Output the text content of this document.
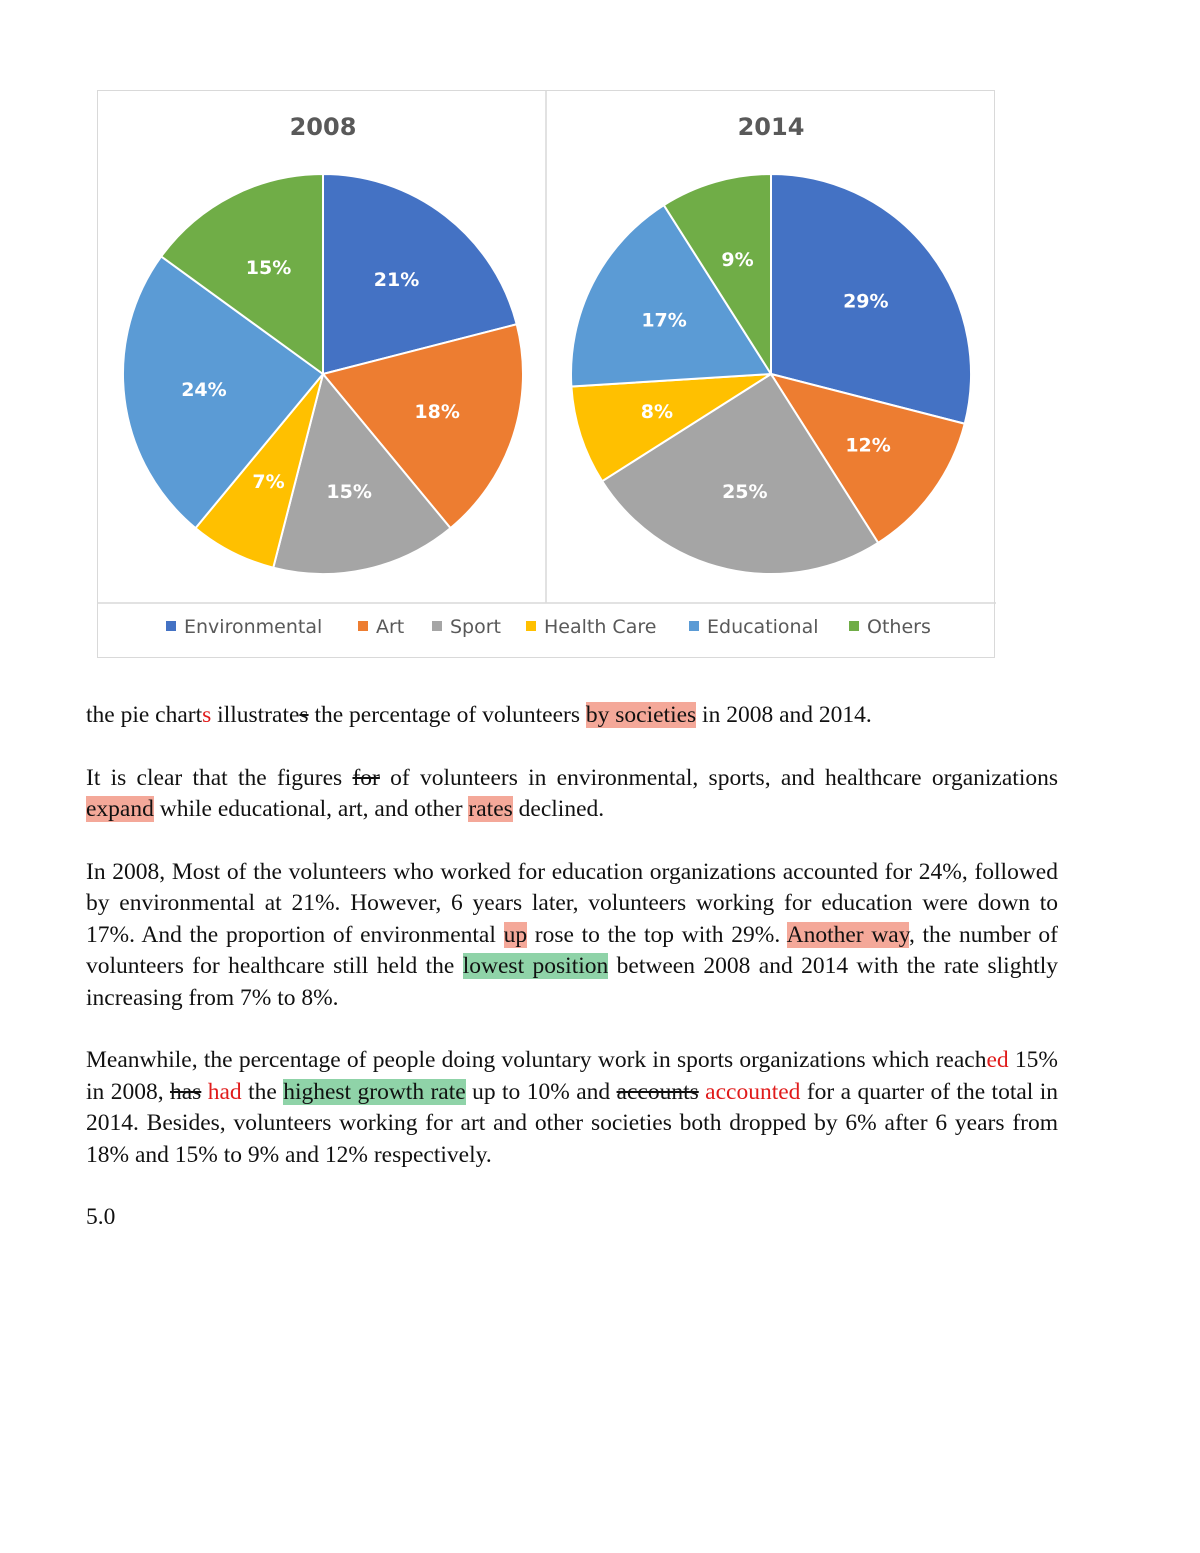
2008
21%
18%
15%
7%
24%
15%
2014
29%
12%
25%
8%
17%
9%
Environmental	Art Sport Health Care	Educational	Others

the pie charts illustrates the percentage of volunteers by societies in 2008 and 2014.

It is clear that the figures for of volunteers in environmental, sports, and healthcare organizations expand while educational, art, and other rates declined.

In 2008, Most of the volunteers who worked for education organizations accounted for 24%, followed by environmental at 21%. However, 6 years later, volunteers working for education were down to 17%. And the proportion of environmental up rose to the top with 29%. Another way, the number of volunteers for healthcare still held the lowest position between 2008 and 2014 with the rate slightly increasing from 7% to 8%.

Meanwhile, the percentage of people doing voluntary work in sports organizations which reached 15% in 2008, has had the highest growth rate up to 10% and accounts accounted for a quarter of the total in 2014. Besides, volunteers working for art and other societies both dropped by 6% after 6 years from 18% and 15% to 9% and 12% respectively.

5.0
